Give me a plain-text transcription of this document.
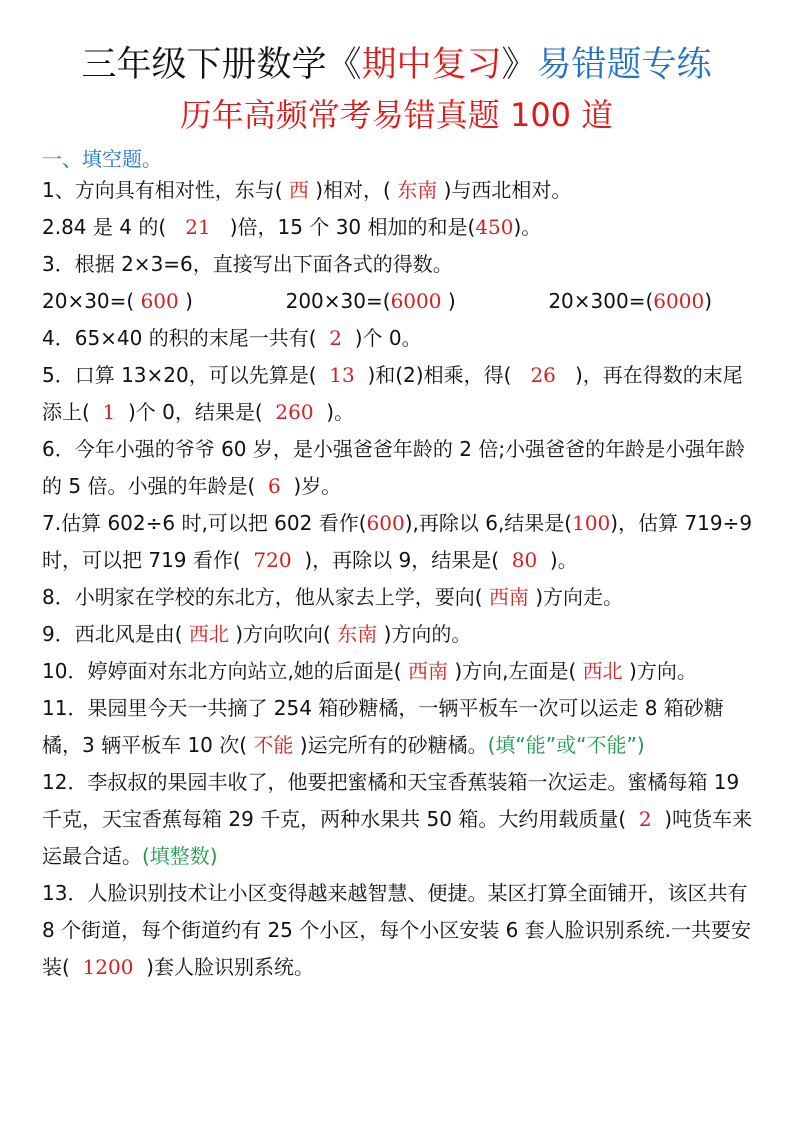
三年级下册数学《期中复习》易错题专练
历年高频常考易错真题 100 道
一、填空题。

1、方向具有相对性，东与( 西 )相对，( 东南 )与西北相对。

2.84 是 4 的(   21   )倍，15 个 30 相加的和是(450)。

3．根据 2×3=6，直接写出下面各式的得数。

20×30=( 600 )	200×30=(6000 )	20×300=(6000)

4．65×40 的积的末尾一共有(  2  )个 0。

5．口算 13×20，可以先算是(  13  )和(2)相乘，得(   26   )，再在得数的末尾添上(  1  )个 0，结果是(  260  )。

6．今年小强的爷爷 60 岁，是小强爸爸年龄的 2 倍;小强爸爸的年龄是小强年龄的 5 倍。小强的年龄是(  6  )岁。

7.估算 602÷6 时,可以把 602 看作(600),再除以 6,结果是(100)，估算 719÷9 时，可以把 719 看作(  720  )，再除以 9，结果是(  80  )。

8．小明家在学校的东北方，他从家去上学，要向( 西南 )方向走。

9．西北风是由( 西北 )方向吹向( 东南 )方向的。

10．婷婷面对东北方向站立,她的后面是( 西南 )方向,左面是( 西北 )方向。

11．果园里今天一共摘了 254 箱砂糖橘，一辆平板车一次可以运走 8 箱砂糖橘，3 辆平板车 10 次( 不能 )运完所有的砂糖橘。(填“能”或“不能”)

12．李叔叔的果园丰收了，他要把蜜橘和天宝香蕉装箱一次运走。蜜橘每箱 19 千克，天宝香蕉每箱 29 千克，两种水果共 50 箱。大约用载质量(  2  )吨货车来运最合适。(填整数)

13．人脸识别技术让小区变得越来越智慧、便捷。某区打算全面铺开，该区共有 8 个街道，每个街道约有 25 个小区，每个小区安装 6 套人脸识别系统.一共要安装(  1200  )套人脸识别系统。
